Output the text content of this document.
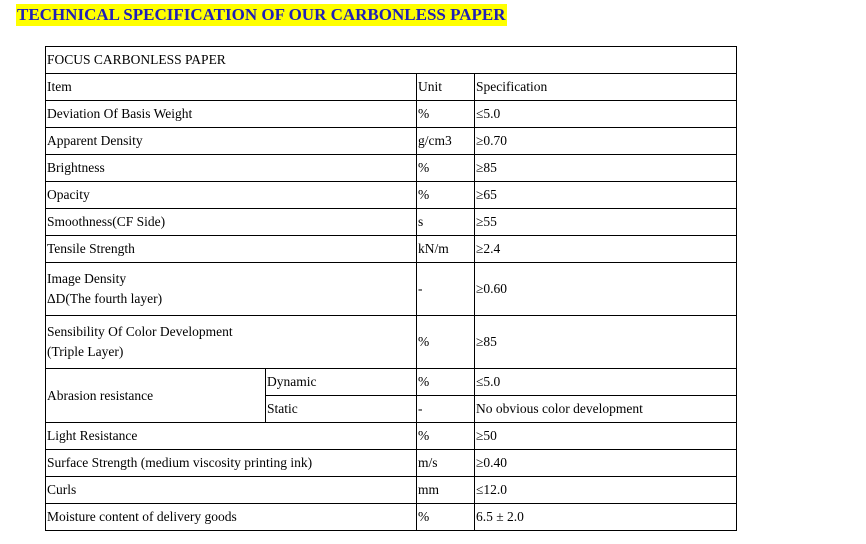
TECHNICAL SPECIFICATION OF OUR CARBONLESS PAPER
FOCUS CARBONLESS PAPER			
Item		Unit	Specification
Deviation Of Basis Weight		%	≤5.0
Apparent Density		g/cm3	≥0.70
Brightness		%	≥85
Opacity		%	≥65
Smoothness(CF Side)		s	≥55
Tensile Strength		kN/m	≥2.4

Image Density
ΔD(The fourth layer)		-	≥0.60

Sensibility Of Color Development
(Triple Layer)		%	≥85
Abrasion resistance	Dynamic	%	≤5.0
	Static	-	No obvious color development
Light Resistance		%	≥50
Surface Strength (medium viscosity printing ink)		m/s	≥0.40
Curls		mm	≤12.0
Moisture content of delivery goods		%	6.5 ± 2.0
